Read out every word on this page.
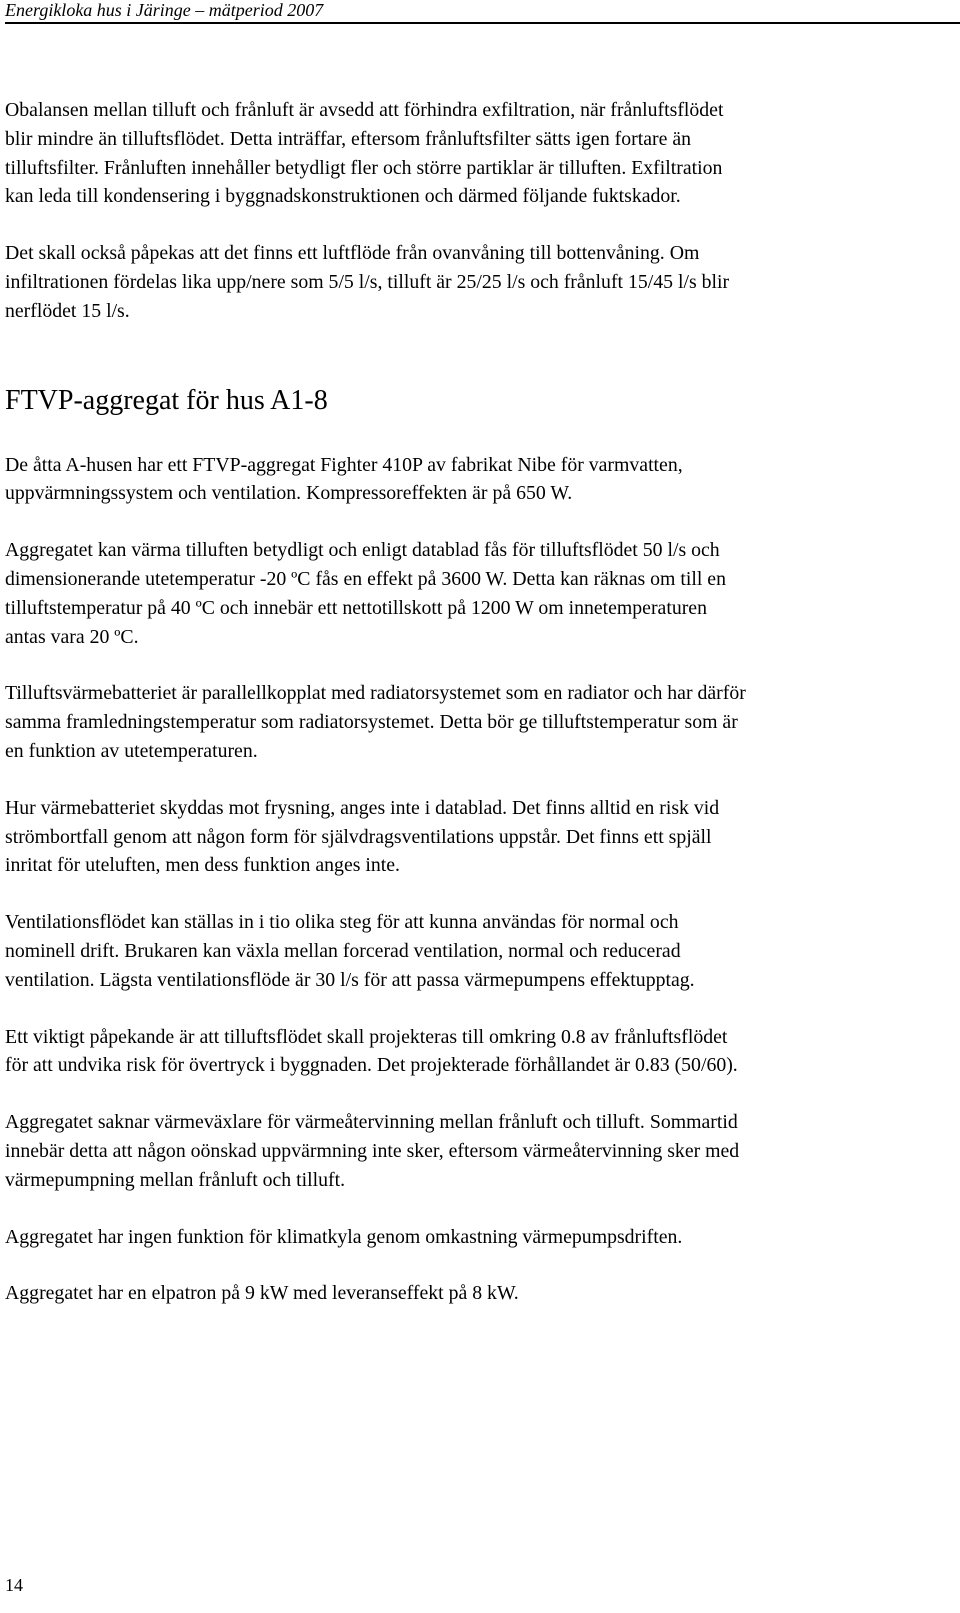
Energikloka hus i Järinge – mätperiod 2007

Obalansen mellan tilluft och frånluft är avsedd att förhindra exfiltration, när frånluftsflödet
blir mindre än tilluftsflödet. Detta inträffar, eftersom frånluftsfilter sätts igen fortare än
tilluftsfilter. Frånluften innehåller betydligt fler och större partiklar är tilluften. Exfiltration
kan leda till kondensering i byggnadskonstruktionen och därmed följande fuktskador.

Det skall också påpekas att det finns ett luftflöde från ovanvåning till bottenvåning. Om
infiltrationen fördelas lika upp/nere som 5/5 l/s, tilluft är 25/25 l/s och frånluft 15/45 l/s blir
nerflödet 15 l/s.

FTVP-aggregat för hus A1-8

De åtta A-husen har ett FTVP-aggregat Fighter 410P av fabrikat Nibe för varmvatten,
uppvärmningssystem och ventilation. Kompressoreffekten är på 650 W.

Aggregatet kan värma tilluften betydligt och enligt datablad fås för tilluftsflödet 50 l/s och
dimensionerande utetemperatur -20 ºC fås en effekt på 3600 W. Detta kan räknas om till en
tilluftstemperatur på 40 ºC och innebär ett nettotillskott på 1200 W om innetemperaturen
antas vara 20 ºC.

Tilluftsvärmebatteriet är parallellkopplat med radiatorsystemet som en radiator och har därför
samma framledningstemperatur som radiatorsystemet. Detta bör ge tilluftstemperatur som är
en funktion av utetemperaturen.

Hur värmebatteriet skyddas mot frysning, anges inte i datablad. Det finns alltid en risk vid
strömbortfall genom att någon form för självdragsventilations uppstår. Det finns ett spjäll
inritat för uteluften, men dess funktion anges inte.

Ventilationsflödet kan ställas in i tio olika steg för att kunna användas för normal och
nominell drift. Brukaren kan växla mellan forcerad ventilation, normal och reducerad
ventilation. Lägsta ventilationsflöde är 30 l/s för att passa värmepumpens effektupptag.

Ett viktigt påpekande är att tilluftsflödet skall projekteras till omkring 0.8 av frånluftsflödet
för att undvika risk för övertryck i byggnaden. Det projekterade förhållandet är 0.83 (50/60).

Aggregatet saknar värmeväxlare för värmeåtervinning mellan frånluft och tilluft. Sommartid
innebär detta att någon oönskad uppvärmning inte sker, eftersom värmeåtervinning sker med
värmepumpning mellan frånluft och tilluft.

Aggregatet har ingen funktion för klimatkyla genom omkastning värmepumpsdriften.

Aggregatet har en elpatron på 9 kW med leveranseffekt på 8 kW.

14
